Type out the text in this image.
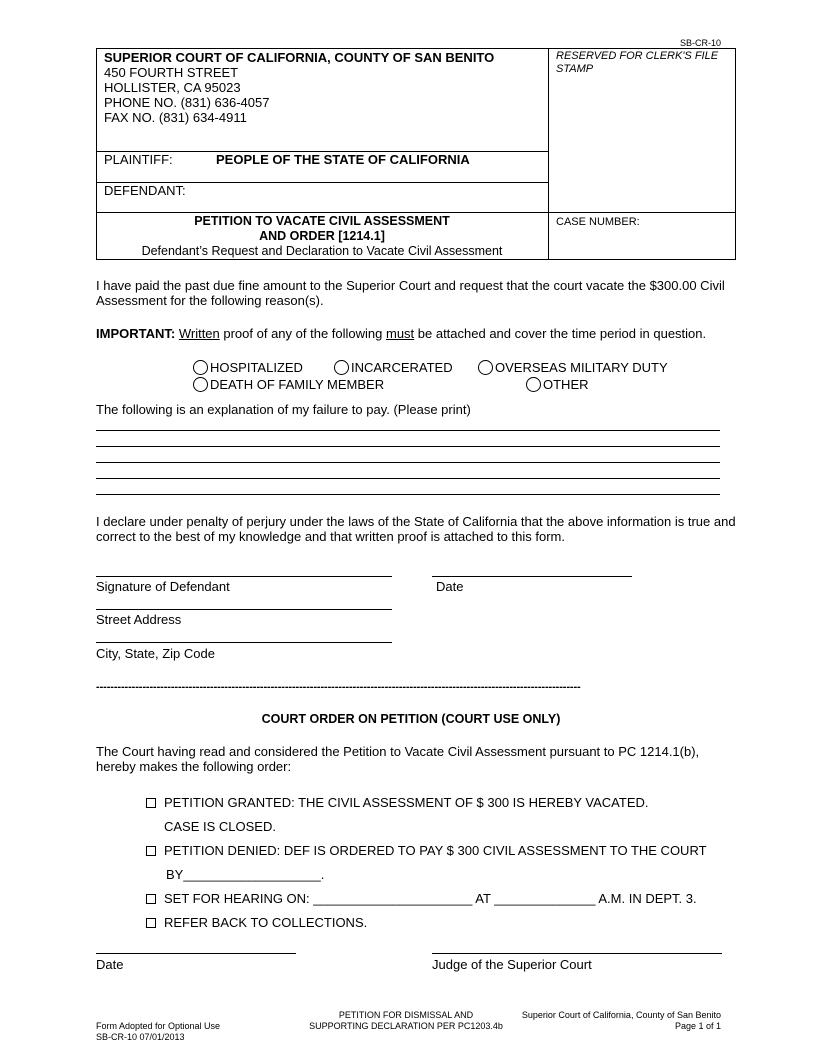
SB-CR-10
SUPERIOR COURT OF CALIFORNIA, COUNTY OF SAN BENITO
450 FOURTH STREET
HOLLISTER, CA 95023
PHONE NO. (831) 636-4057
FAX NO. (831) 634-4911
RESERVED FOR CLERK'S FILE STAMP
PLAINTIFF:	PEOPLE OF THE STATE OF CALIFORNIA
DEFENDANT:
PETITION TO VACATE CIVIL ASSESSMENT
AND ORDER [1214.1]
Defendant’s Request and Declaration to Vacate Civil Assessment
CASE NUMBER:
I have paid the past due fine amount to the Superior Court and request that the court vacate the $300.00 Civil Assessment for the following reason(s).
IMPORTANT: Written proof of any of the following must be attached and cover the time period in question.
HOSPITALIZED	INCARCERATED	OVERSEAS MILITARY DUTY
DEATH OF FAMILY MEMBER	OTHER
The following is an explanation of my failure to pay. (Please print)
I declare under penalty of perjury under the laws of the State of California that the above information is true and correct to the best of my knowledge and that written proof is attached to this form.
Signature of Defendant	Date
Street Address
City, State, Zip Code
----------------------------------------------------------------------------------------------------------------------------------------
COURT ORDER ON PETITION (COURT USE ONLY)
The Court having read and considered the Petition to Vacate Civil Assessment pursuant to PC 1214.1(b), hereby makes the following order:
PETITION GRANTED: THE CIVIL ASSESSMENT OF $ 300 IS HEREBY VACATED.
CASE IS CLOSED.
PETITION DENIED: DEF IS ORDERED TO PAY $ 300 CIVIL ASSESSMENT TO THE COURT
BY___________________.
SET FOR HEARING ON: ______________________ AT ______________ A.M. IN DEPT. 3.
REFER BACK TO COLLECTIONS.
Date	Judge of the Superior Court
Form Adopted for Optional Use
SB-CR-10 07/01/2013
PETITION FOR DISMISSAL AND
SUPPORTING DECLARATION PER PC1203.4b
Superior Court of California, County of San Benito
Page 1 of 1
